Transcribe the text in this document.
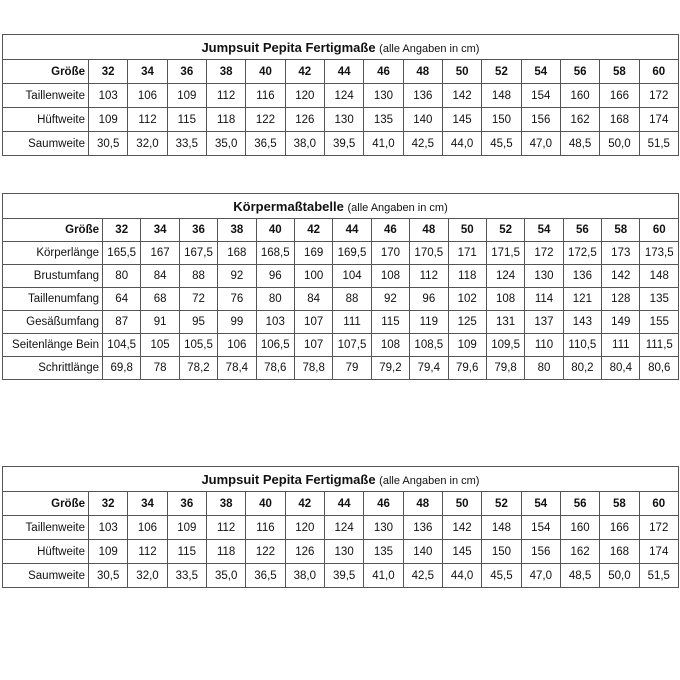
Jumpsuit Pepita Fertigmaße (alle Angaben in cm)															
Größe	32	34	36	38	40	42	44	46	48	50	52	54	56	58	60
Taillenweite	103	106	109	112	116	120	124	130	136	142	148	154	160	166	172
Hüftweite	109	112	115	118	122	126	130	135	140	145	150	156	162	168	174
Saumweite	30,5	32,0	33,5	35,0	36,5	38,0	39,5	41,0	42,5	44,0	45,5	47,0	48,5	50,0	51,5
Körpermaßtabelle (alle Angaben in cm)															
Größe	32	34	36	38	40	42	44	46	48	50	52	54	56	58	60
Körperlänge	165,5	167	167,5	168	168,5	169	169,5	170	170,5	171	171,5	172	172,5	173	173,5
Brustumfang	80	84	88	92	96	100	104	108	112	118	124	130	136	142	148
Taillenumfang	64	68	72	76	80	84	88	92	96	102	108	114	121	128	135
Gesäßumfang	87	91	95	99	103	107	111	115	119	125	131	137	143	149	155
Seitenlänge Bein	104,5	105	105,5	106	106,5	107	107,5	108	108,5	109	109,5	110	110,5	111	111,5
Schrittlänge	69,8	78	78,2	78,4	78,6	78,8	79	79,2	79,4	79,6	79,8	80	80,2	80,4	80,6
Jumpsuit Pepita Fertigmaße (alle Angaben in cm)															
Größe	32	34	36	38	40	42	44	46	48	50	52	54	56	58	60
Taillenweite	103	106	109	112	116	120	124	130	136	142	148	154	160	166	172
Hüftweite	109	112	115	118	122	126	130	135	140	145	150	156	162	168	174
Saumweite	30,5	32,0	33,5	35,0	36,5	38,0	39,5	41,0	42,5	44,0	45,5	47,0	48,5	50,0	51,5
